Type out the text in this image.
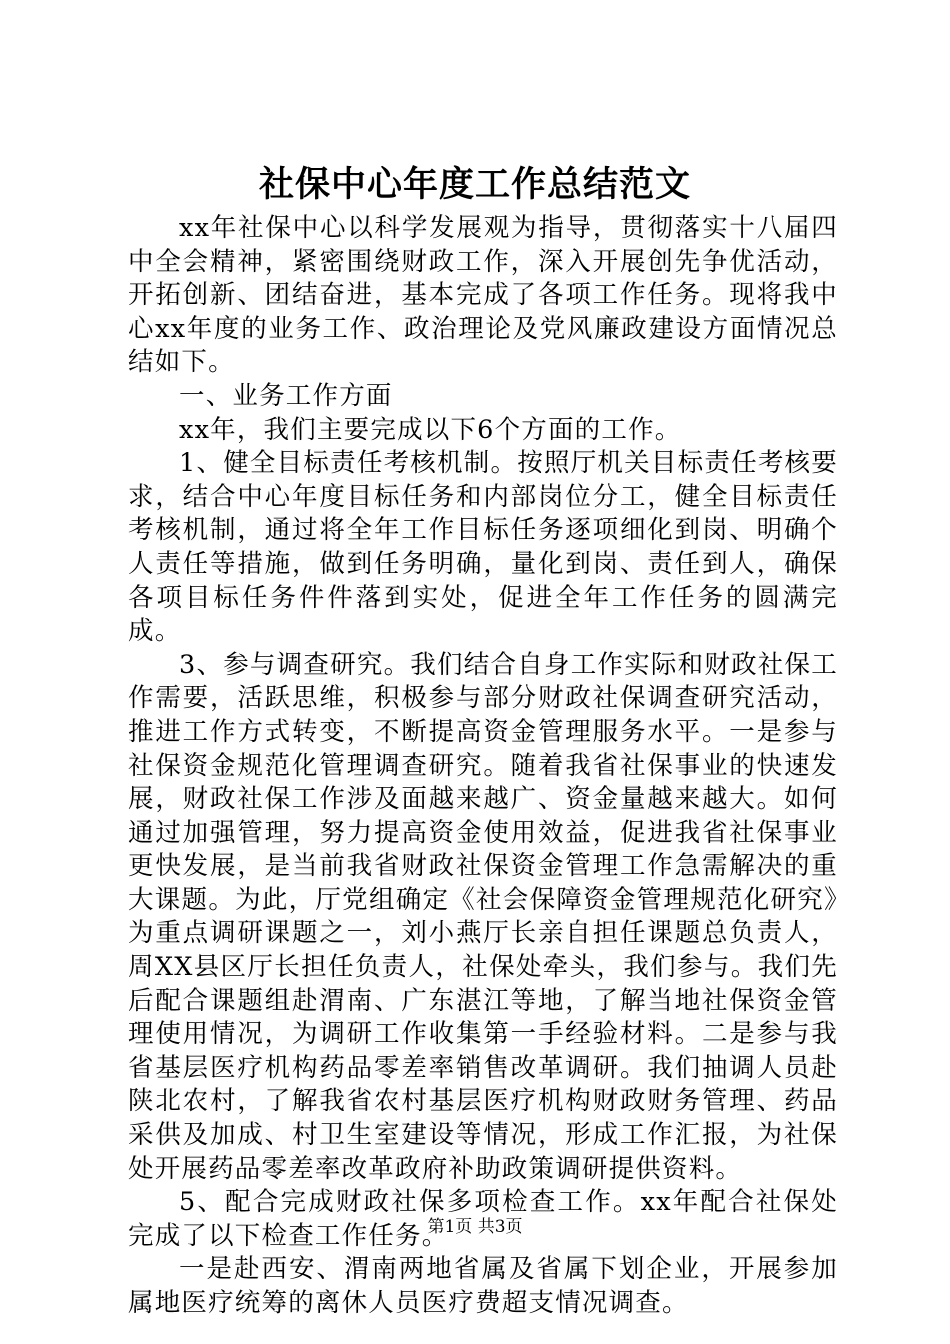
社保中心年度工作总结范文

xx年社保中心以科学发展观为指导，贯彻落实十八届四中全会精神，紧密围绕财政工作，深入开展创先争优活动，开拓创新、团结奋进，基本完成了各项工作任务。现将我中心xx年度的业务工作、政治理论及党风廉政建设方面情况总结如下。

一、业务工作方面

xx年，我们主要完成以下6个方面的工作。

1、健全目标责任考核机制。按照厅机关目标责任考核要求，结合中心年度目标任务和内部岗位分工，健全目标责任考核机制，通过将全年工作目标任务逐项细化到岗、明确个人责任等措施，做到任务明确，量化到岗、责任到人，确保各项目标任务件件落到实处，促进全年工作任务的圆满完成。

3、参与调查研究。我们结合自身工作实际和财政社保工作需要，活跃思维，积极参与部分财政社保调查研究活动，推进工作方式转变，不断提高资金管理服务水平。一是参与社保资金规范化管理调查研究。随着我省社保事业的快速发展，财政社保工作涉及面越来越广、资金量越来越大。如何通过加强管理，努力提高资金使用效益，促进我省社保事业更快发展，是当前我省财政社保资金管理工作急需解决的重大课题。为此，厅党组确定《社会保障资金管理规范化研究》为重点调研课题之一，刘小燕厅长亲自担任课题总负责人，周XX县区厅长担任负责人，社保处牵头，我们参与。我们先后配合课题组赴渭南、广东湛江等地，了解当地社保资金管理使用情况，为调研工作收集第一手经验材料。二是参与我省基层医疗机构药品零差率销售改革调研。我们抽调人员赴陕北农村，了解我省农村基层医疗机构财政财务管理、药品采供及加成、村卫生室建设等情况，形成工作汇报，为社保处开展药品零差率改革政府补助政策调研提供资料。

5、配合完成财政社保多项检查工作。xx年配合社保处完成了以下检查工作任务。

一是赴西安、渭南两地省属及省属下划企业，开展参加属地医疗统筹的离休人员医疗费超支情况调查。

第1页 共3页
